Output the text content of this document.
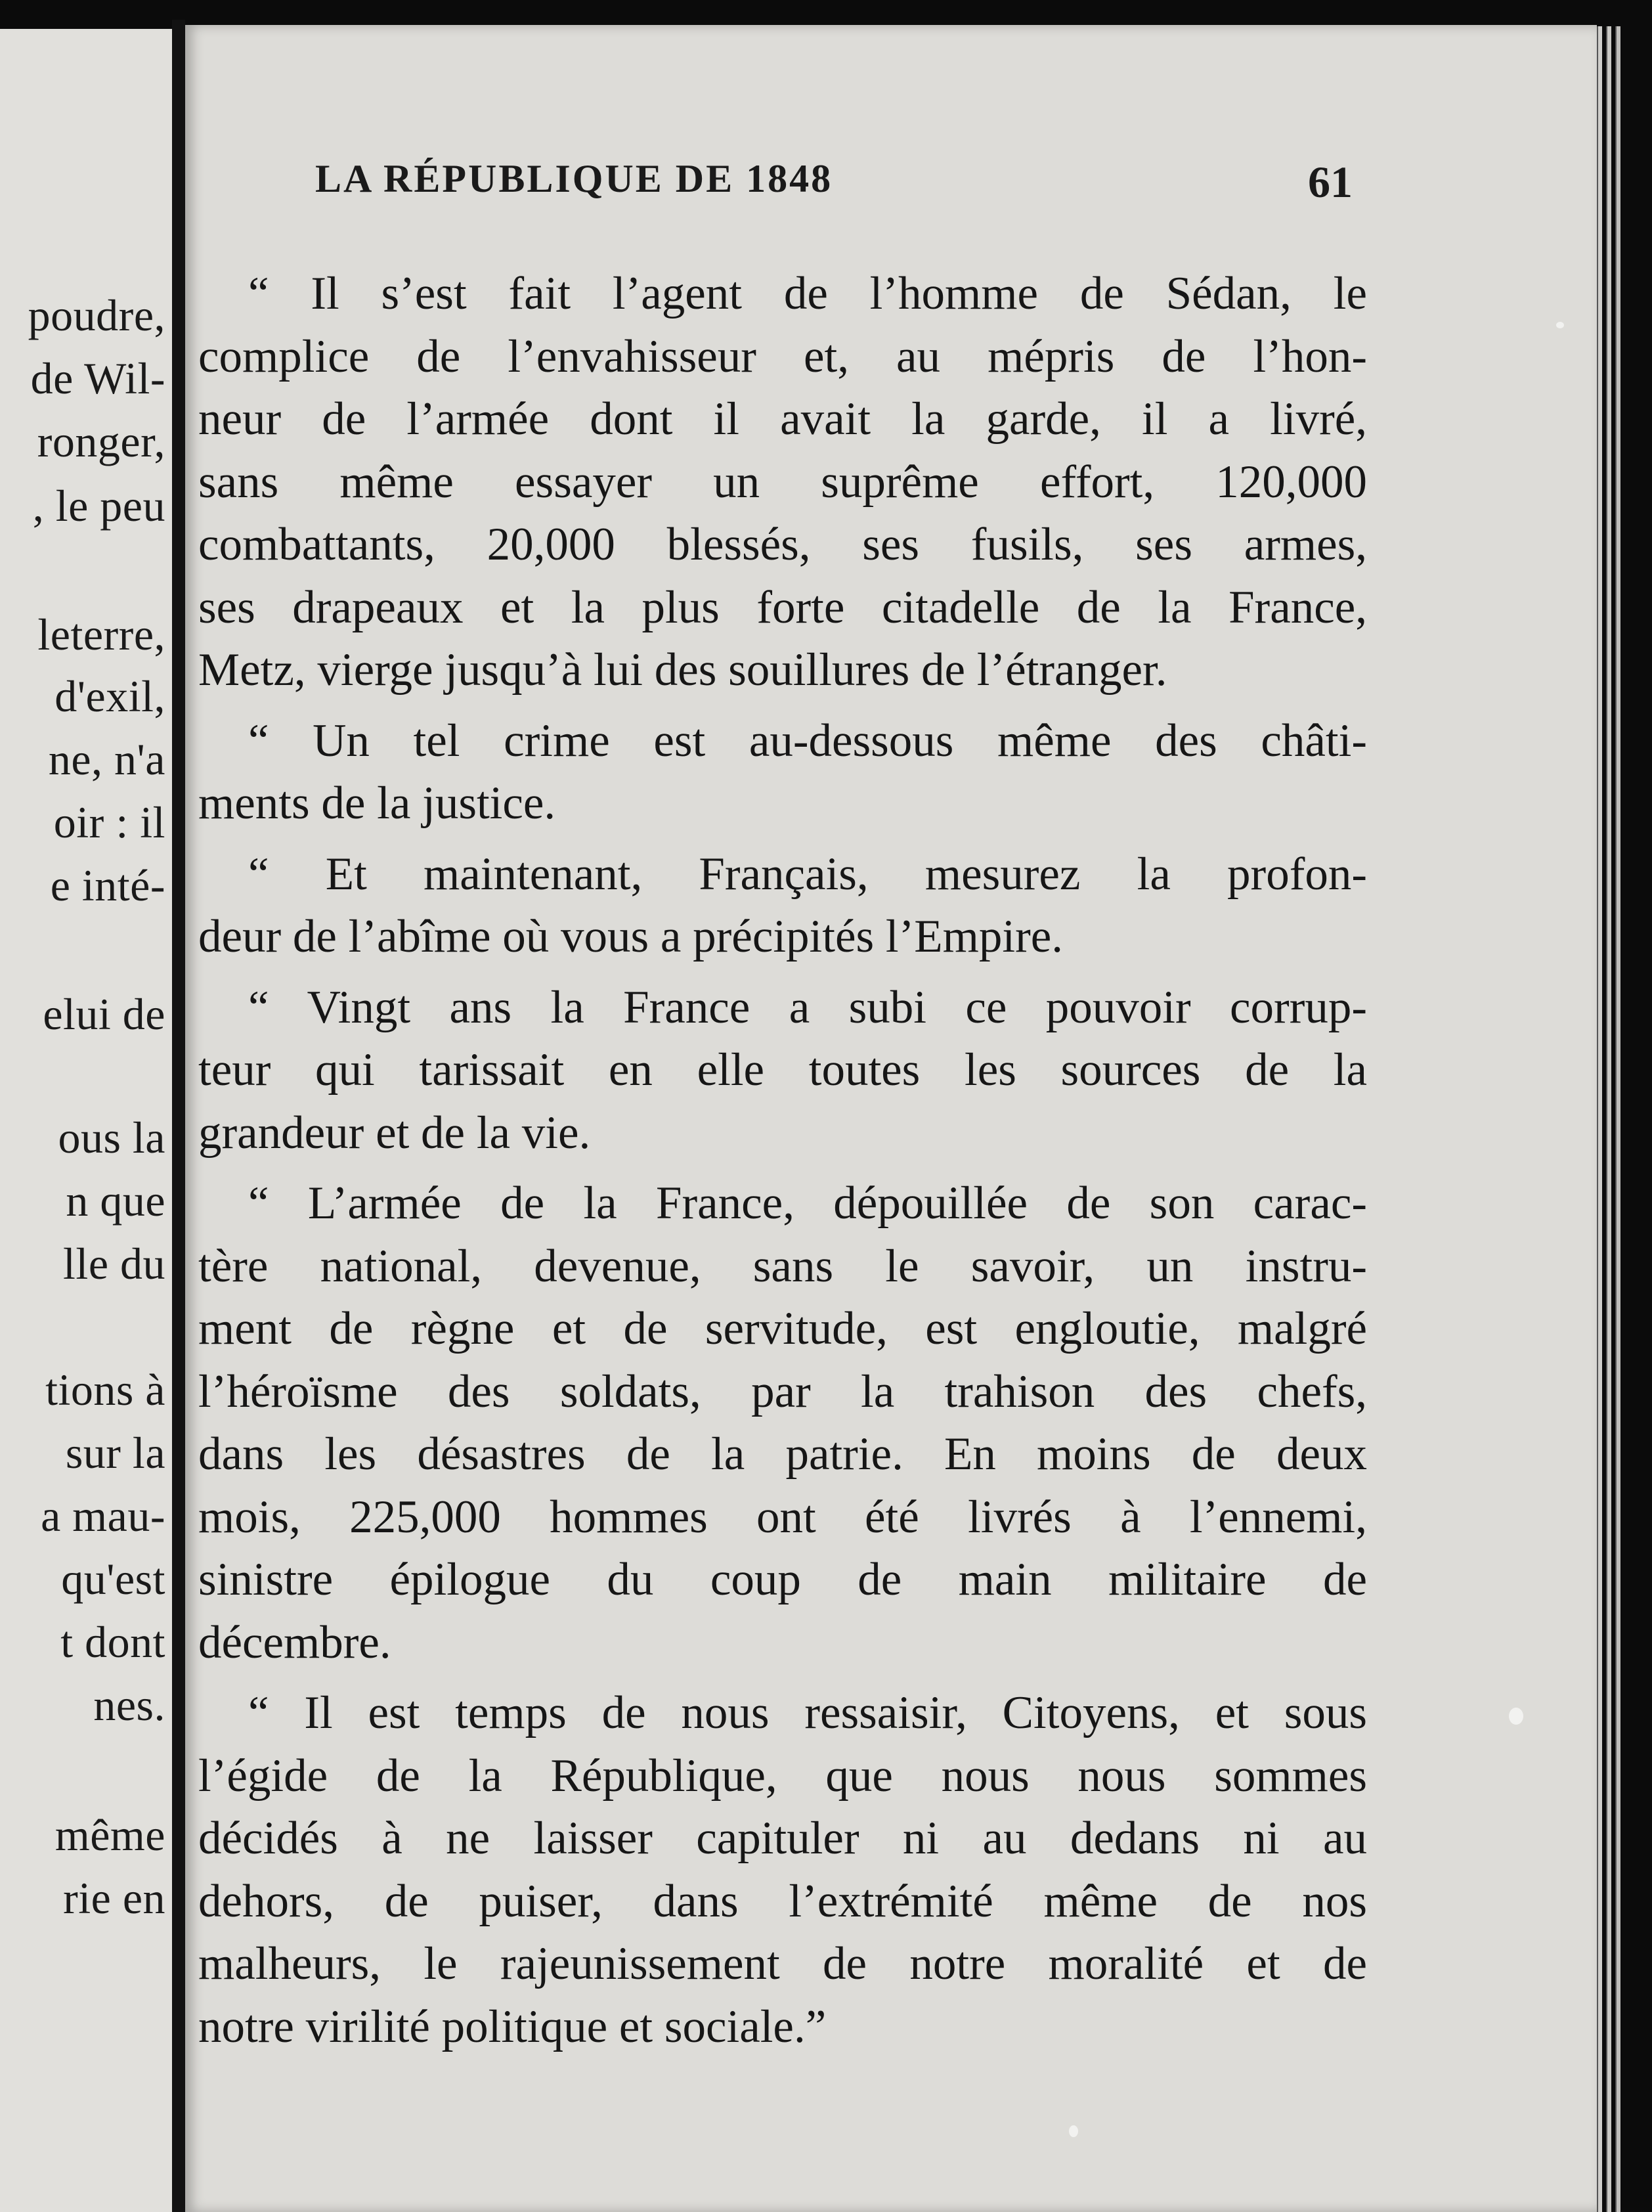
poudre,
de Wil-
ronger,
, le peu
leterre,
d'exil,
ne, n'a
oir : il
e inté-
elui de
ous la
n que
lle du
tions à
sur la
a mau-
qu'est
t dont
nes.
même
rie en
LA RÉPUBLIQUE DE 1848	61

“ Il s’est fait l’agent de l’homme de Sédan, le
complice de l’envahisseur et, au mépris de l’hon-
neur de l’armée dont il avait la garde, il a livré,
sans même essayer un suprême effort, 120,000
combattants, 20,000 blessés, ses fusils, ses armes,
ses drapeaux et la plus forte citadelle de la France,
Metz, vierge jusqu’à lui des souillures de l’étranger.

“ Un tel crime est au-dessous même des châti-
ments de la justice.

“ Et maintenant, Français, mesurez la profon-
deur de l’abîme où vous a précipités l’Empire.

“ Vingt ans la France a subi ce pouvoir corrup-
teur qui tarissait en elle toutes les sources de la
grandeur et de la vie.

“ L’armée de la France, dépouillée de son carac-
tère national, devenue, sans le savoir, un instru-
ment de règne et de servitude, est engloutie, malgré
l’héroïsme des soldats, par la trahison des chefs,
dans les désastres de la patrie. En moins de deux
mois, 225,000 hommes ont été livrés à l’ennemi,
sinistre épilogue du coup de main militaire de
décembre.

“ Il est temps de nous ressaisir, Citoyens, et sous
l’égide de la République, que nous nous sommes
décidés à ne laisser capituler ni au dedans ni au
dehors, de puiser, dans l’extrémité même de nos
malheurs, le rajeunissement de notre moralité et de
notre virilité politique et sociale.”
